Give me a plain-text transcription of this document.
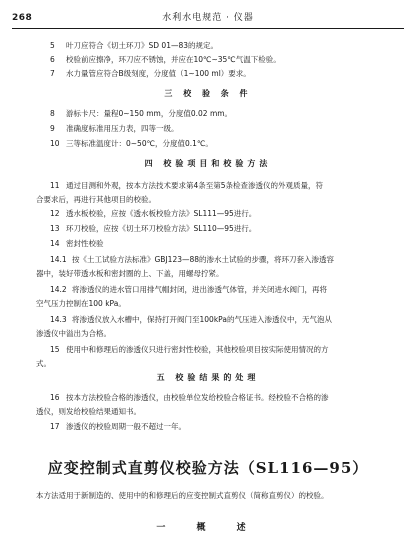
268	水利水电规范 · 仪器
5 叶刀应符合《切土环刀》SD 01—83的规定。
6 校验前应擦净，环刀应不锈蚀，并应在10℃~35℃气温下检验。
7 水力量管应符合B级刻度，分度值（1~100 ml）要求。
三 校 验 条 件
8 游标卡尺：量程0~150 mm，分度值0.02 mm。
9 准确度标准用压力表，四等一级。
10 三等标准温度计：0~50℃，分度值0.1℃。
四 校验项目和校验方法
11 通过目测和外观，按本方法技术要求第4条至第5条检查渗透仪的外观质量，符
合要求后，再进行其他项目的校验。
12 透水板校验，应按《透水板校验方法》SL111—95进行。
13 环刀校验，应按《切土环刀校验方法》SL110—95进行。
14 密封性校验
14.1 按《土工试验方法标准》GBJ123—88的渗水土试验的步骤，将环刀套入渗透容
器中，装好带透水板和密封圈的上、下盖，用螺母拧紧。
14.2 将渗透仪的进水管口用排气帽封闭，进出渗透气体管，并关闭进水阀门，再将
空气压力控制在100 kPa。
14.3 将渗透仪放入水槽中，保持打开阀门至100kPa的气压进入渗透仪中，无气泡从
渗透仪中溢出为合格。
15 使用中和修理后的渗透仪只进行密封性校验，其他校验项目按实际使用情况的方
式。
五 校验结果的处理
16 按本方法校验合格的渗透仪，由校验单位发给校验合格证书。经校验不合格的渗
透仪，则发给校验结果通知书。
17 渗透仪的校验周期一般不超过一年。
应变控制式直剪仪校验方法（SL116—95）
本方法适用于新制造的、使用中的和修理后的应变控制式直剪仪（简称直剪仪）的校验。
一 概 述
